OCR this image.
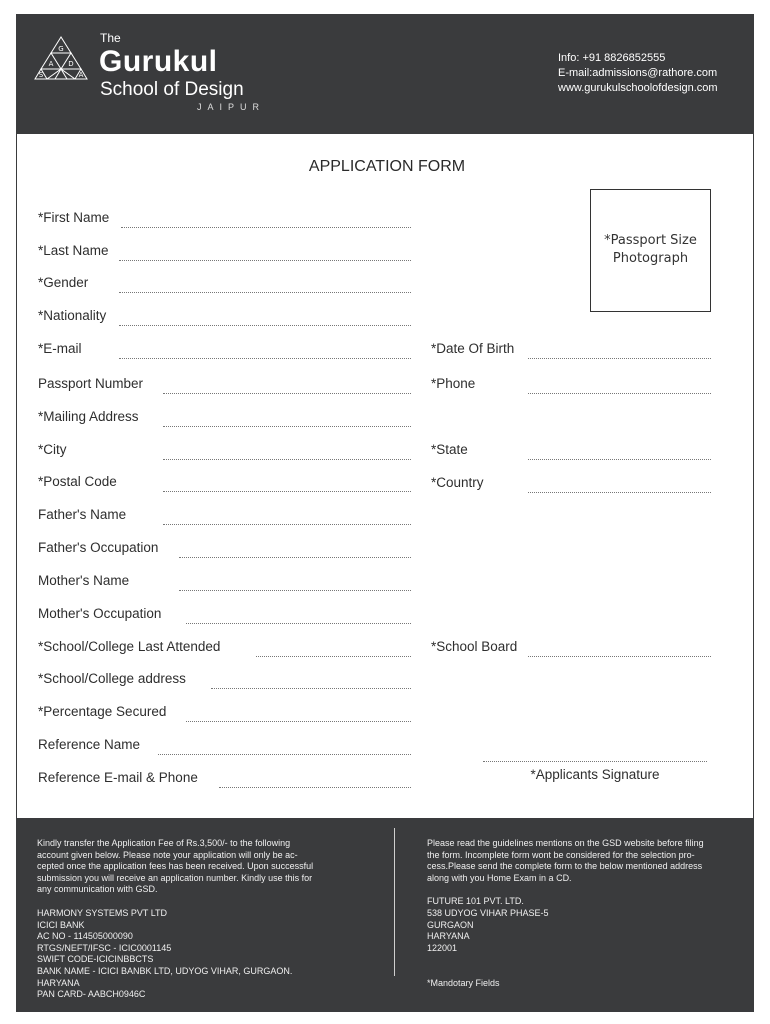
G
A D
S	A
The
Gurukul
School of Design
JAIPUR
Info: +91 8826852555
E-mail:admissions@rathore.com
www.gurukulschoolofdesign.com
APPLICATION FORM
*Passport Size
Photograph
*First Name
*Last Name
*Gender
*Nationality
*E-mail
Passport Number
*Mailing Address
*City
*Postal Code
Father's Name
Father's Occupation
Mother's Name
Mother's Occupation
*School/College Last Attended
*School/College address
*Percentage Secured
Reference Name
Reference E-mail & Phone
*Date Of Birth
*Phone
*State
*Country
*School Board
*Applicants Signature

Kindly transfer the Application Fee of Rs.3,500/- to the following

account given below. Please note your application will only be ac-

cepted once the application fees has been received. Upon successful

submission you will receive an application number. Kindly use this for

any communication with GSD.

HARMONY SYSTEMS PVT LTD

ICICI BANK

AC NO - 114505000090

RTGS/NEFT/IFSC - ICIC0001145

SWIFT CODE-ICICINBBCTS

BANK NAME - ICICI BANBK LTD, UDYOG VIHAR, GURGAON.

HARYANA

PAN CARD- AABCH0946C

Please read the guidelines mentions on the GSD website before filing

the form. Incomplete form wont be considered for the selection pro-

cess.Please send the complete form to the below mentioned address

along with you Home Exam in a CD.

FUTURE 101 PVT. LTD.

538 UDYOG VIHAR PHASE-5

GURGAON

HARYANA

122001

*Mandotary Fields
